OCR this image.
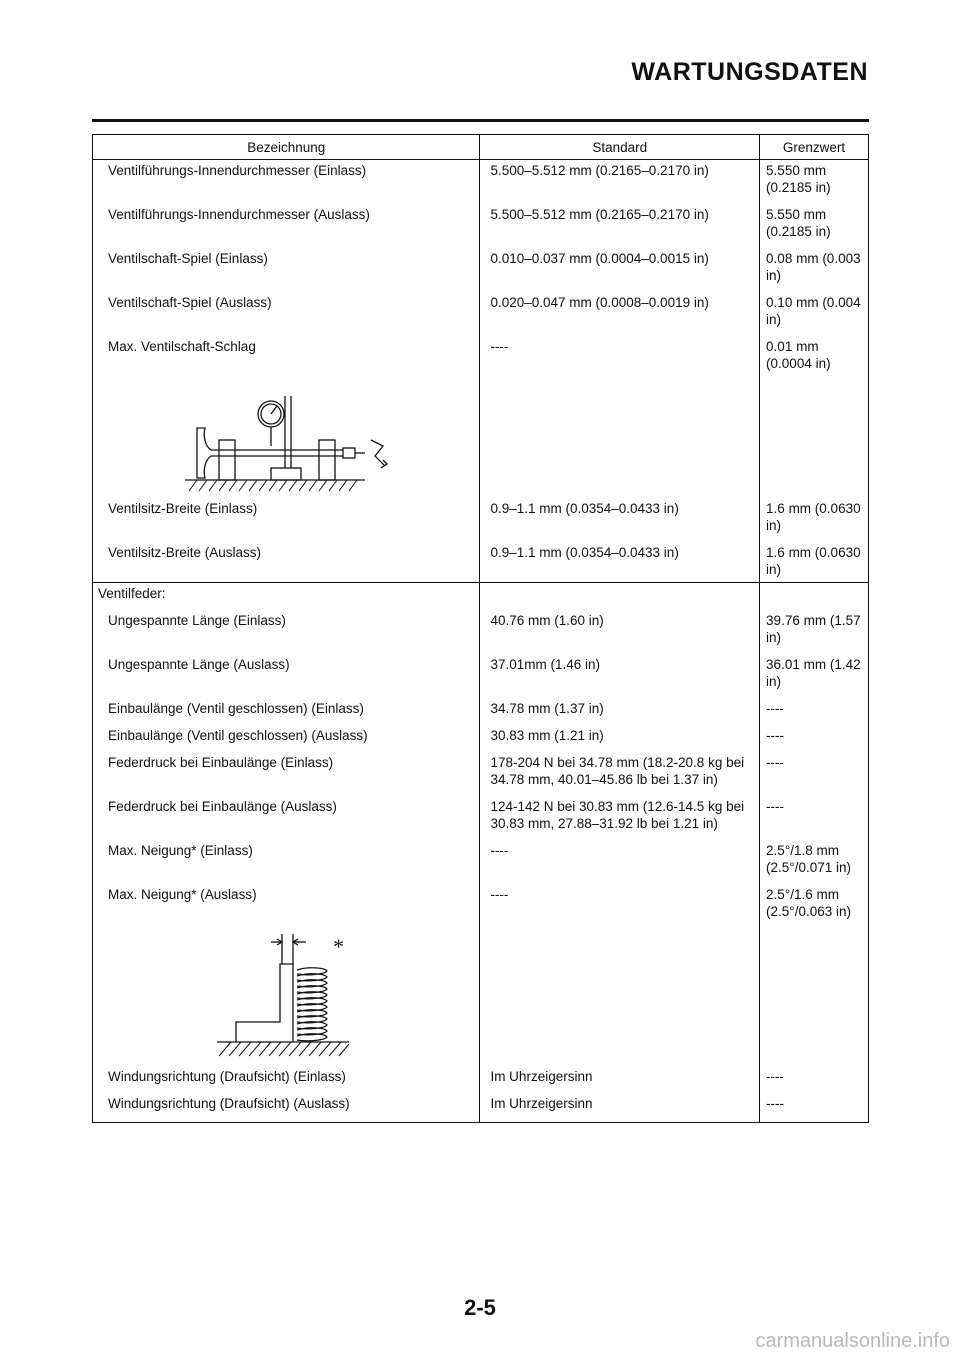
WARTUNGSDATEN
Bezeichnung	Standard	Grenzwert
Ventilführungs-Innendurchmesser (Einlass)	5.500–5.512 mm (0.2165–0.2170 in)	5.550 mm (0.2185 in)
Ventilführungs-Innendurchmesser (Auslass)	5.500–5.512 mm (0.2165–0.2170 in)	5.550 mm (0.2185 in)
Ventilschaft-Spiel (Einlass)	0.010–0.037 mm (0.0004–0.0015 in)	0.08 mm (0.003 in)
Ventilschaft-Spiel (Auslass)	0.020–0.047 mm (0.0008–0.0019 in)	0.10 mm (0.004 in)
Max. Ventilschaft-Schlag	----	0.01 mm (0.0004 in)

Ventilsitz-Breite (Einlass)	0.9–1.1 mm (0.0354–0.0433 in)	1.6 mm (0.0630 in)
Ventilsitz-Breite (Auslass)	0.9–1.1 mm (0.0354–0.0433 in)	1.6 mm (0.0630 in)
Ventilfeder:		
Ungespannte Länge (Einlass)	40.76 mm (1.60 in)	39.76 mm (1.57 in)
Ungespannte Länge (Auslass)	37.01mm (1.46 in)	36.01 mm (1.42 in)
Einbaulänge (Ventil geschlossen) (Einlass)	34.78 mm (1.37 in)	----
Einbaulänge (Ventil geschlossen) (Auslass)	30.83 mm (1.21 in)	----
Federdruck bei Einbaulänge (Einlass)	178-204 N bei 34.78 mm (18.2-20.8 kg bei 34.78 mm, 40.01–45.86 lb bei 1.37 in)	----
Federdruck bei Einbaulänge (Auslass)	124-142 N bei 30.83 mm (12.6-14.5 kg bei 30.83 mm, 27.88–31.92 lb bei 1.21 in)	----
Max. Neigung* (Einlass)	----	2.5°/1.8 mm (2.5°/0.071 in)
Max. Neigung* (Auslass)	----	2.5°/1.6 mm (2.5°/0.063 in)

*		

Windungsrichtung (Draufsicht) (Einlass)	Im Uhrzeigersinn	----
Windungsrichtung (Draufsicht) (Auslass)	Im Uhrzeigersinn	----
2-5
carmanualsonline.info
